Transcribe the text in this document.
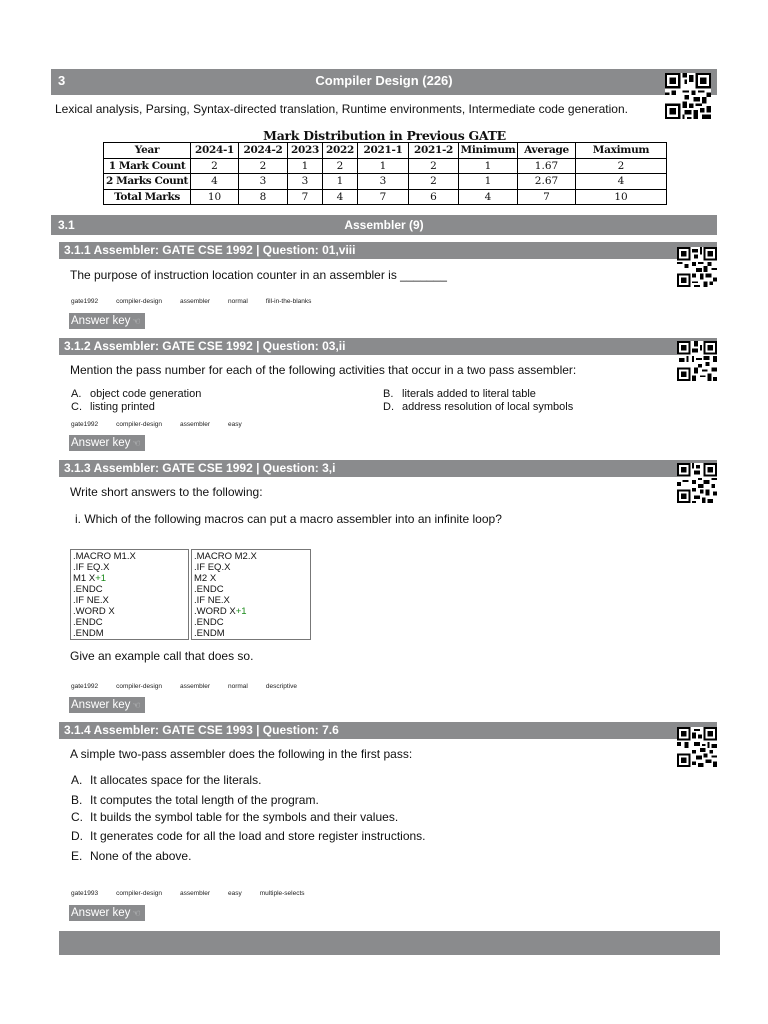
3	Compiler Design (226)
Lexical analysis, Parsing, Syntax-directed translation, Runtime environments, Intermediate code generation.
Mark Distribution in Previous GATE
Year	2024-1	2024-2	2023	2022	2021-1	2021-2	Minimum	Average	Maximum
1 Mark Count	2	2	1	2	1	2	1	1.67	2
2 Marks Count	4	3	3	1	3	2	1	2.67	4
Total Marks	10	8	7	4	7	6	4	7	10
3.1	Assembler (9)
3.1.1 Assembler: GATE CSE 1992 | Question: 01,viii
The purpose of instruction location counter in an assembler is _______
gate1992	compiler-design	assembler	normal	fill-in-the-blanks
Answer key ☜
3.1.2 Assembler: GATE CSE 1992 | Question: 03,ii
Mention the pass number for each of the following activities that occur in a two pass assembler:
A. object code generation	B. literals added to literal table
C. listing printed	D. address resolution of local symbols
gate1992	compiler-design	assembler	easy
Answer key ☜
3.1.3 Assembler: GATE CSE 1992 | Question: 3,i
Write short answers to the following:
i. Which of the following macros can put a macro assembler into an infinite loop?
.MACRO M1.X
.IF EQ.X
M1 X+1
.ENDC
.IF NE.X
.WORD X
.ENDC
.ENDM
.MACRO M2.X
.IF EQ.X
M2 X
.ENDC
.IF NE.X
.WORD X+1
.ENDC
.ENDM
Give an example call that does so.
gate1992	compiler-design	assembler	normal	descriptive
Answer key ☜
3.1.4 Assembler: GATE CSE 1993 | Question: 7.6
A simple two-pass assembler does the following in the first pass:
A. It allocates space for the literals.
B. It computes the total length of the program.
C. It builds the symbol table for the symbols and their values.
D. It generates code for all the load and store register instructions.
E. None of the above.
gate1993	compiler-design	assembler	easy	multiple-selects
Answer key ☜
